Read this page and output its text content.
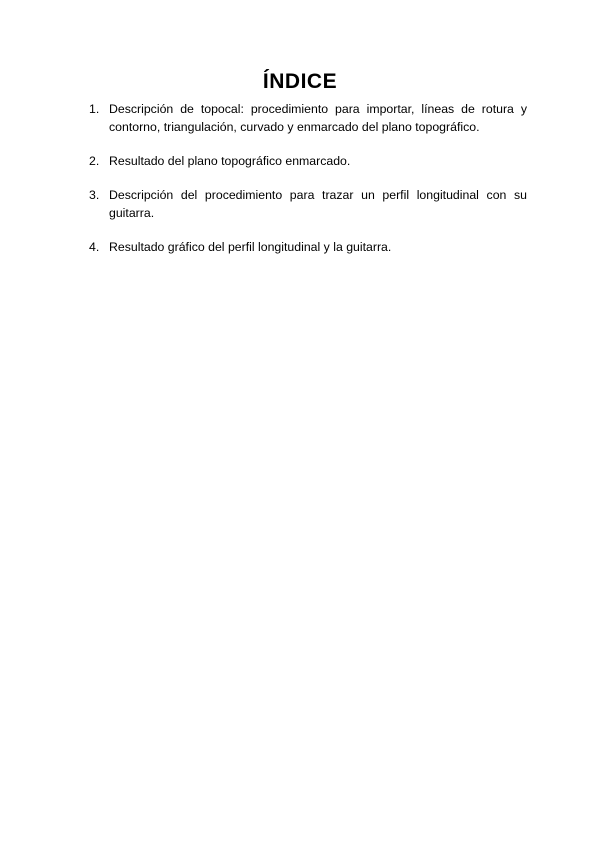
ÍNDICE
1. Descripción de topocal: procedimiento para importar, líneas de rotura y contorno, triangulación, curvado y enmarcado del plano topográfico.
2. Resultado del plano topográfico enmarcado.
3. Descripción del procedimiento para trazar un perfil longitudinal con su guitarra.
4. Resultado gráfico del perfil longitudinal y la guitarra.
